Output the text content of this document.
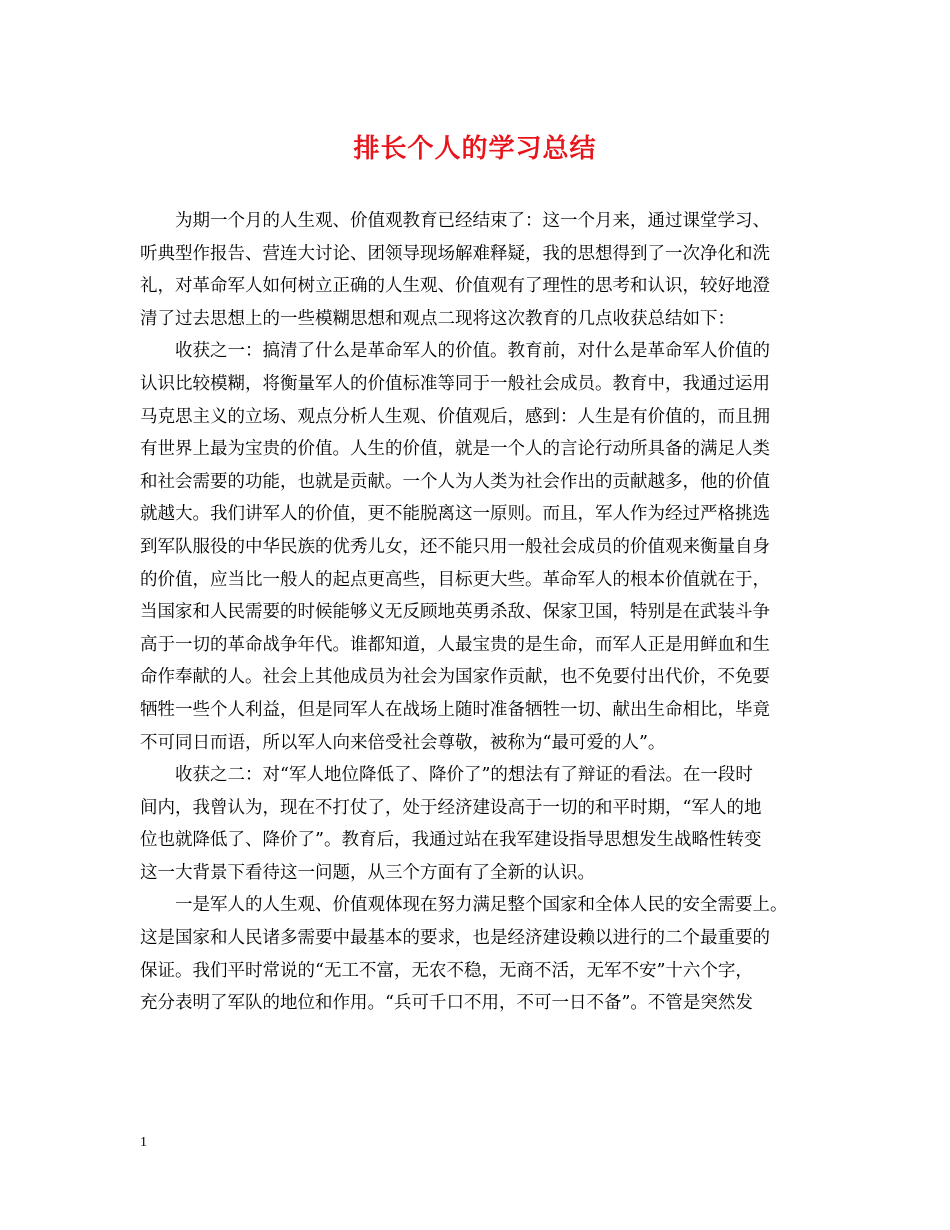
排长个人的学习总结
为期一个月的人生观、价值观教育已经结束了：这一个月来，通过课堂学习、
听典型作报告、营连大讨论、团领导现场解难释疑，我的思想得到了一次净化和洗
礼，对革命军人如何树立正确的人生观、价值观有了理性的思考和认识，较好地澄
清了过去思想上的一些模糊思想和观点二现将这次教育的几点收获总结如下：
收获之一：搞清了什么是革命军人的价值。教育前，对什么是革命军人价值的
认识比较模糊，将衡量军人的价值标准等同于一般社会成员。教育中，我通过运用
马克思主义的立场、观点分析人生观、价值观后，感到：人生是有价值的，而且拥
有世界上最为宝贵的价值。人生的价值，就是一个人的言论行动所具备的满足人类
和社会需要的功能，也就是贡献。一个人为人类为社会作出的贡献越多，他的价值
就越大。我们讲军人的价值，更不能脱离这一原则。而且，军人作为经过严格挑选
到军队服役的中华民族的优秀儿女，还不能只用一般社会成员的价值观来衡量自身
的价值，应当比一般人的起点更高些，目标更大些。革命军人的根本价值就在于，
当国家和人民需要的时候能够义无反顾地英勇杀敌、保家卫国，特别是在武装斗争
高于一切的革命战争年代。谁都知道，人最宝贵的是生命，而军人正是用鲜血和生
命作奉献的人。社会上其他成员为社会为国家作贡献，也不免要付出代价，不免要
牺牲一些个人利益，但是同军人在战场上随时准备牺牲一切、献出生命相比，毕竟
不可同日而语，所以军人向来倍受社会尊敬，被称为“最可爱的人”。
收获之二：对“军人地位降低了、降价了”的想法有了辩证的看法。在一段时
间内，我曾认为，现在不打仗了，处于经济建设高于一切的和平时期，“军人的地
位也就降低了、降价了”。教育后，我通过站在我军建设指导思想发生战略性转变
这一大背景下看待这一问题，从三个方面有了全新的认识。
一是军人的人生观、价值观体现在努力满足整个国家和全体人民的安全需要上。
这是国家和人民诸多需要中最基本的要求，也是经济建设赖以进行的二个最重要的
保证。我们平时常说的“无工不富，无农不稳，无商不活，无军不安”十六个字，
充分表明了军队的地位和作用。“兵可千口不用，不可一日不备”。不管是突然发
1
